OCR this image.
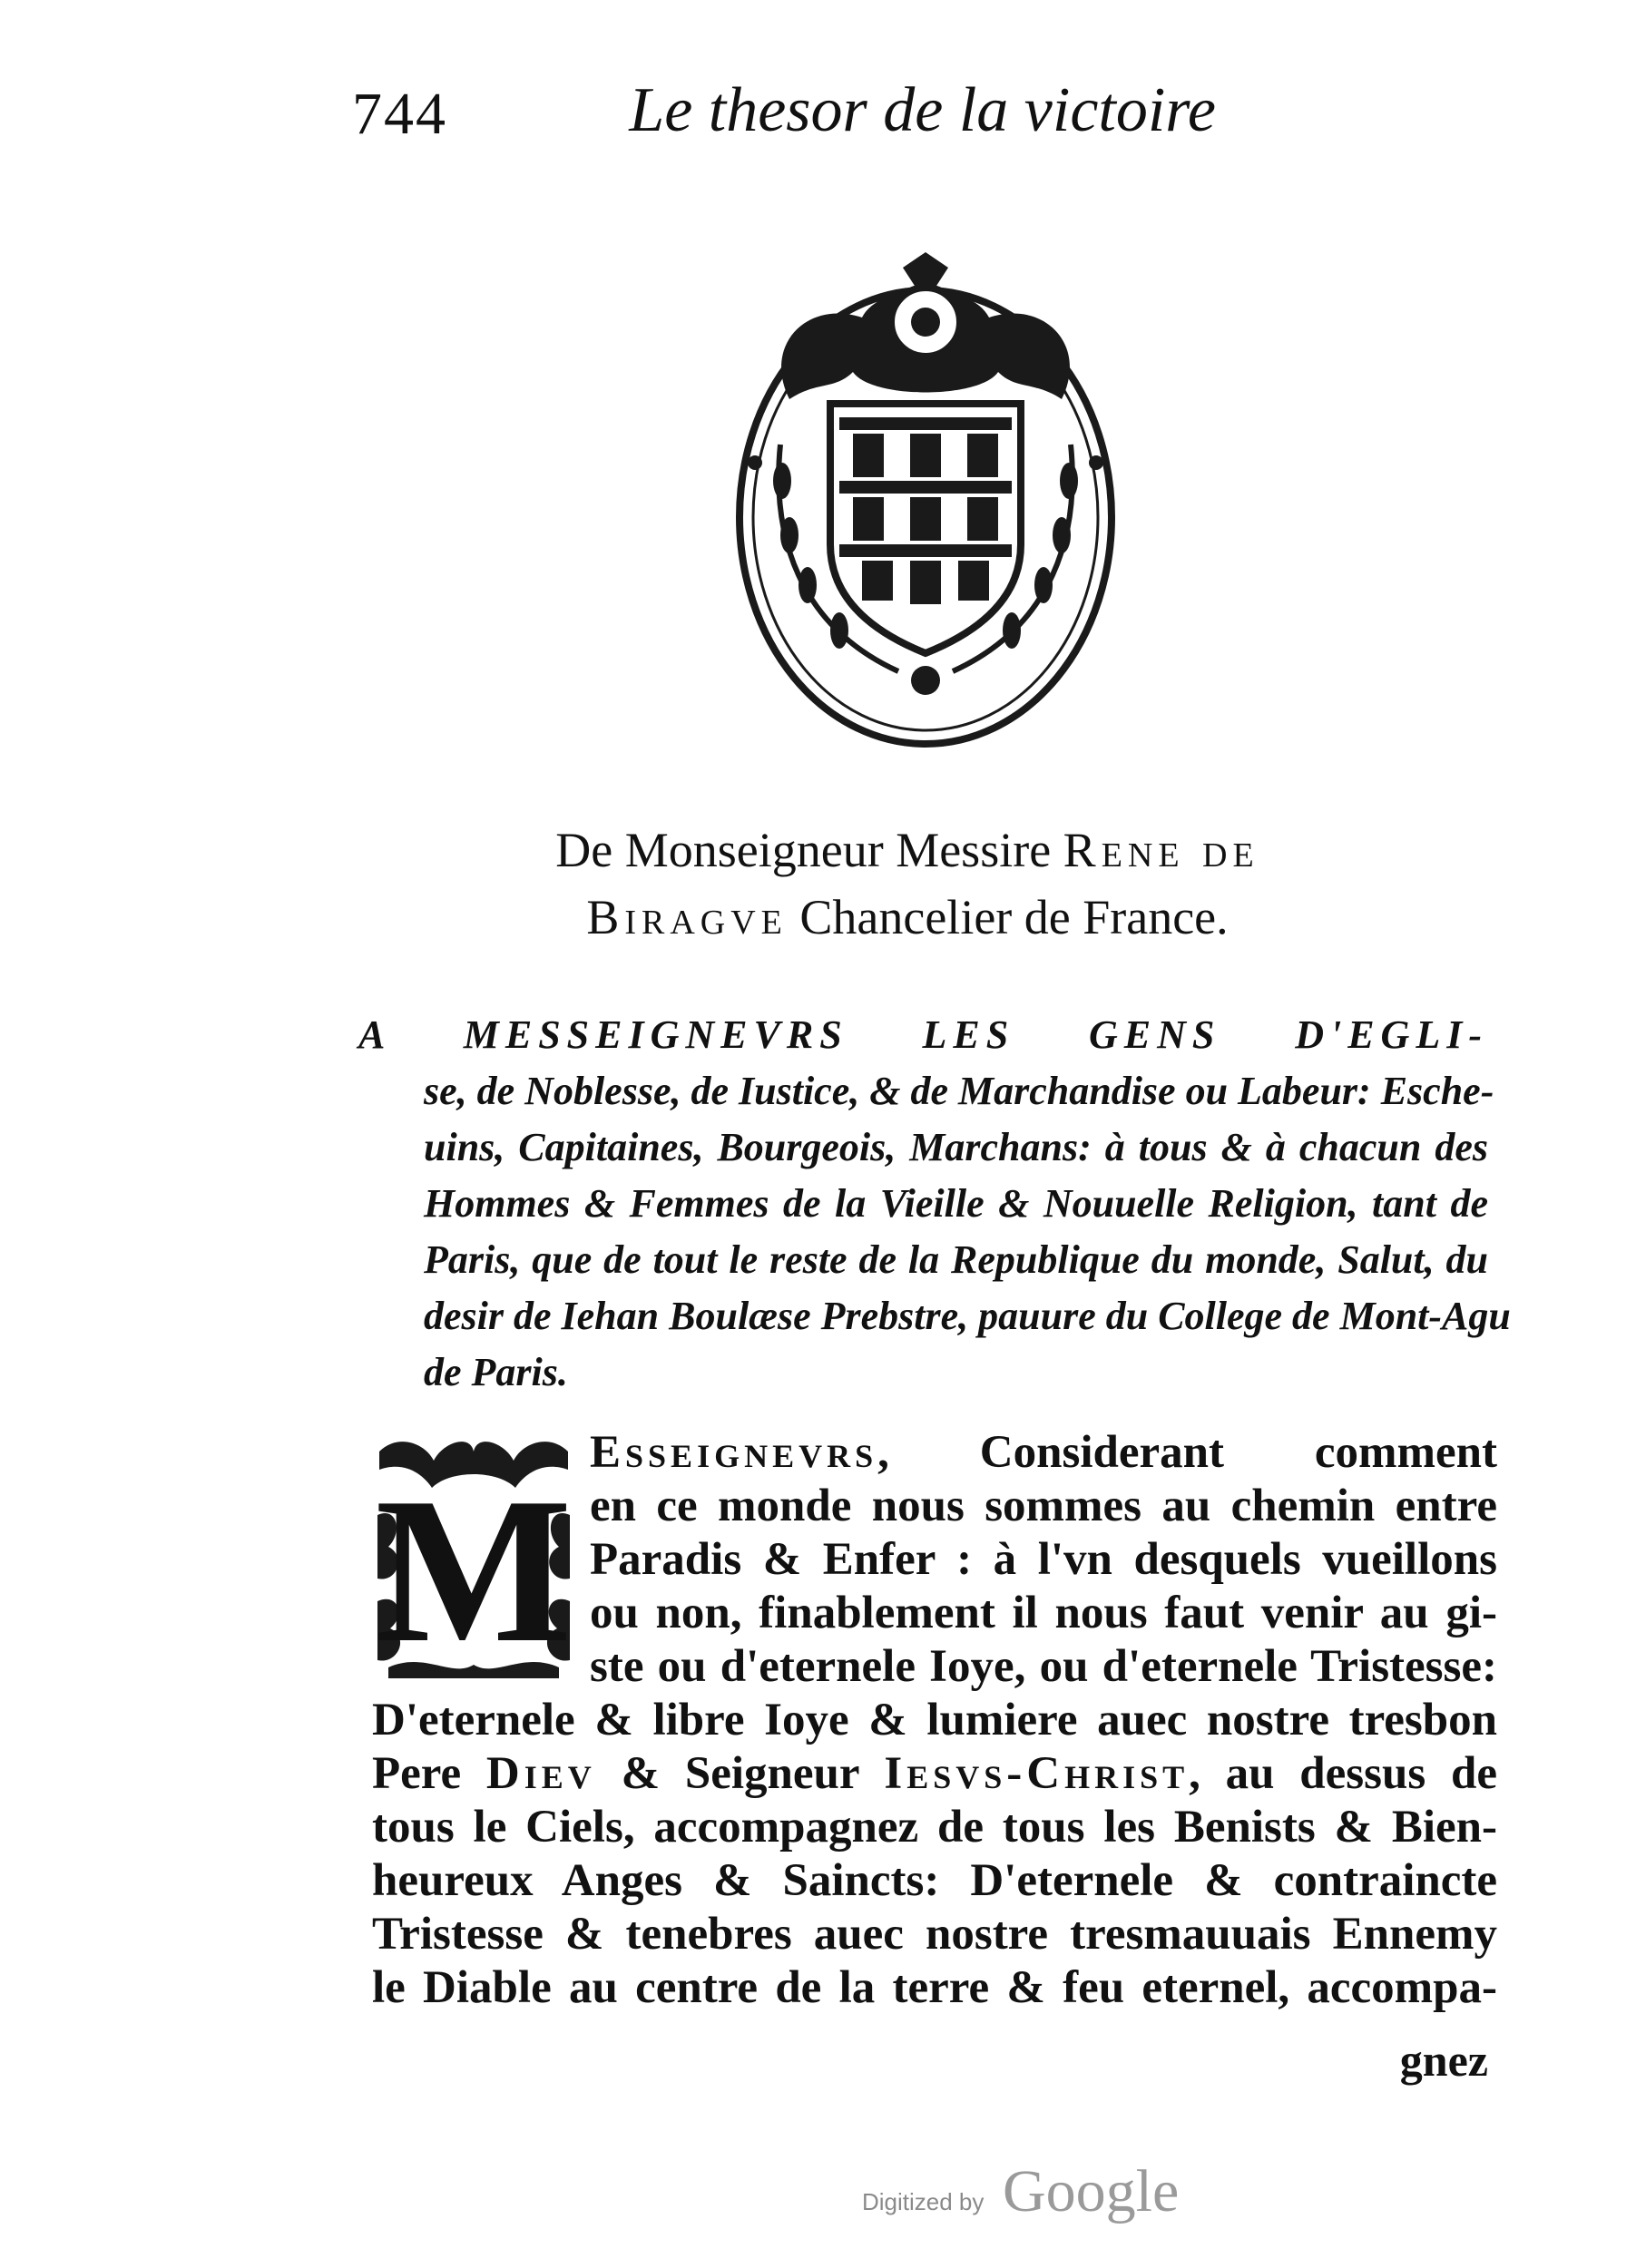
744	Le thesor de la victoire
De Monseigneur Messire Rene de
Biragve Chancelier de France.
A MESSEIGNEVRS LES GENS D'EGLI-
se, de Noblesse, de Iustice, & de Marchandise ou Labeur: Esche-
uins, Capitaines, Bourgeois, Marchans: à tous & à chacun des
Hommes & Femmes de la Vieille & Nouuelle Religion, tant de
Paris, que de tout le reste de la Republique du monde, Salut, du
desir de Iehan Boulæse Prebstre, pauure du College de Mont-Agu
de Paris.
M
Esseignevrs, Considerant comment
en ce monde nous sommes au chemin entre
Paradis & Enfer : à l'vn desquels vueillons
ou non, finablement il nous faut venir au gi-
ste ou d'eternele Ioye, ou d'eternele Tristesse:
D'eternele & libre Ioye & lumiere auec nostre tresbon
Pere Diev & Seigneur Iesvs-Christ, au dessus de
tous le Ciels, accompagnez de tous les Benists & Bien-
heureux Anges & Saincts: D'eternele & contraincte
Tristesse & tenebres auec nostre tresmauuais Ennemy
le Diable au centre de la terre & feu eternel, accompa-
gnez
Digitized by Google
